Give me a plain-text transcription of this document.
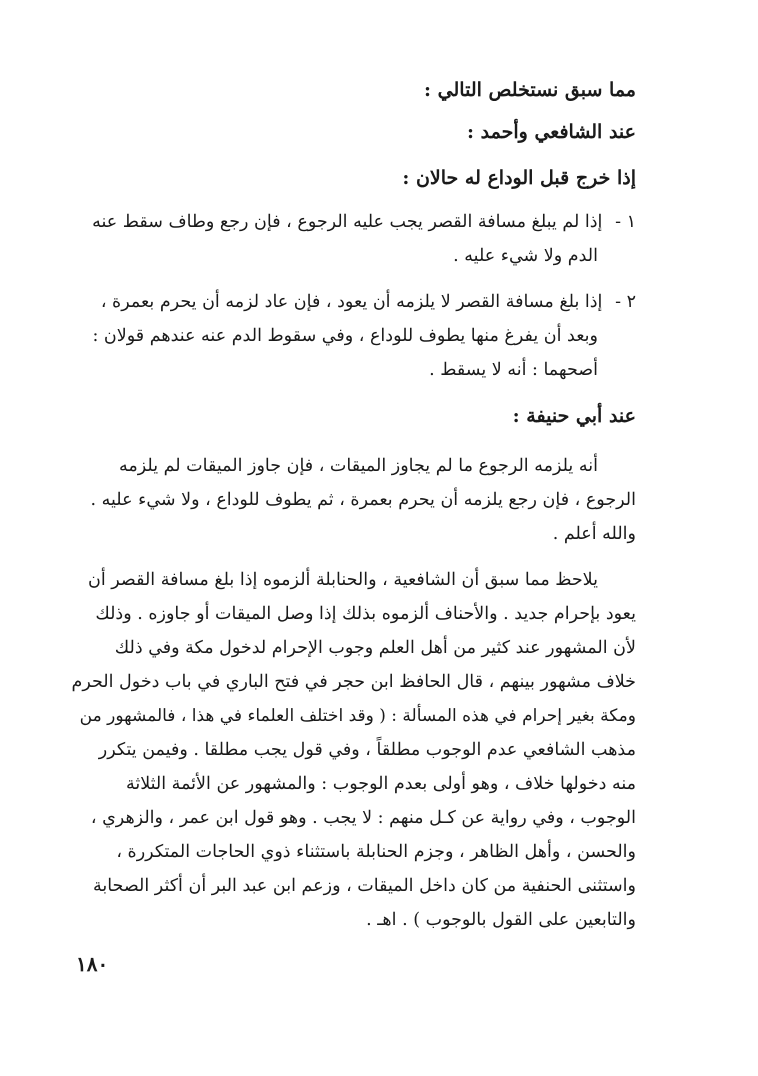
مما سبق نستخلص التالي :
عند الشافعي وأحمد :
إذا خرج قبل الوداع له حالان :
١ - إذا لم يبلغ مسافة القصر يجب عليه الرجوع ، فإن رجع وطاف سقط عنه
الدم ولا شيء عليه .
٢ - إذا بلغ مسافة القصر لا يلزمه أن يعود ، فإن عاد لزمه أن يحرم بعمرة ،
وبعد أن يفرغ منها يطوف للوداع ، وفي سقوط الدم عنه عندهم قولان :
أصحهما : أنه لا يسقط .
عند أبي حنيفة :
أنه يلزمه الرجوع ما لم يجاوز الميقات ، فإن جاوز الميقات لم يلزمه
الرجوع ، فإن رجع يلزمه أن يحرم بعمرة ، ثم يطوف للوداع ، ولا شيء عليه .
والله أعلم .
يلاحظ مما سبق أن الشافعية ، والحنابلة ألزموه إذا بلغ مسافة القصر أن
يعود بإحرام جديد . والأحناف ألزموه بذلك إذا وصل الميقات أو جاوزه . وذلك
لأن المشهور عند كثير من أهل العلم وجوب الإحرام لدخول مكة وفي ذلك
خلاف مشهور بينهم ، قال الحافظ ابن حجر في فتح الباري في باب دخول الحرم
ومكة بغير إحرام في هذه المسألة : ( وقد اختلف العلماء في هذا ، فالمشهور من
مذهب الشافعي عدم الوجوب مطلقاً ، وفي قول يجب مطلقا . وفيمن يتكرر
منه دخولها خلاف ، وهو أولى بعدم الوجوب : والمشهور عن الأئمة الثلاثة
الوجوب ، وفي رواية عن كـل منهم : لا يجب . وهو قول ابن عمر ، والزهري ،
والحسن ، وأهل الظاهر ، وجزم الحنابلة باستثناء ذوي الحاجات المتكررة ،
واستثنى الحنفية من كان داخل الميقات ، وزعم ابن عبد البر أن أكثر الصحابة
والتابعين على القول بالوجوب ) . اهـ .
١٨٠
